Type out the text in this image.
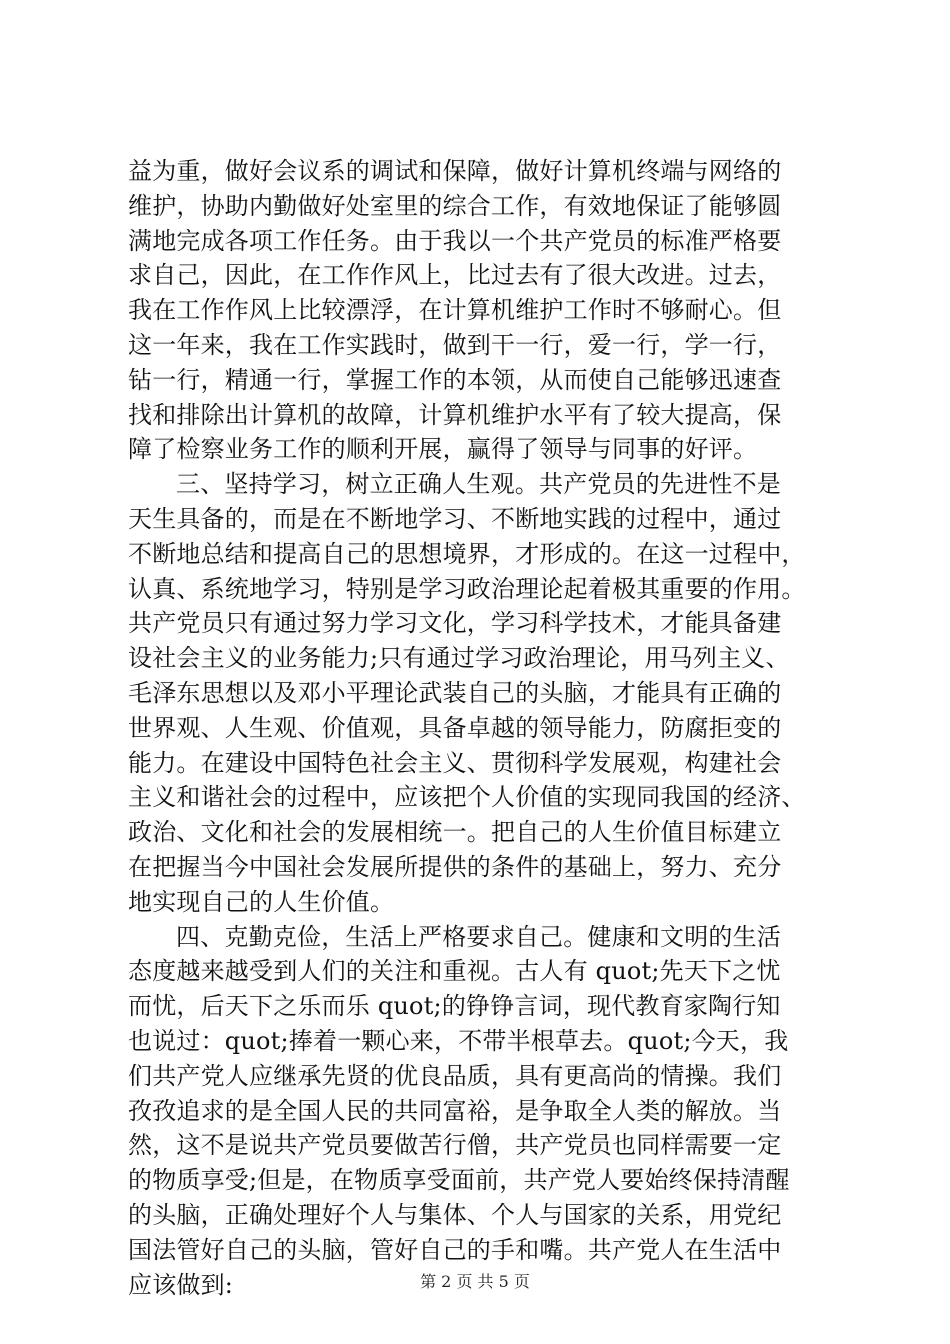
益为重，做好会议系的调试和保障，做好计算机终端与网络的
维护，协助内勤做好处室里的综合工作，有效地保证了能够圆
满地完成各项工作任务。由于我以一个共产党员的标准严格要
求自己，因此，在工作作风上，比过去有了很大改进。过去，
我在工作作风上比较漂浮，在计算机维护工作时不够耐心。但
这一年来，我在工作实践时，做到干一行，爱一行，学一行，
钻一行，精通一行，掌握工作的本领，从而使自己能够迅速查
找和排除出计算机的故障，计算机维护水平有了较大提高，保
障了检察业务工作的顺利开展，赢得了领导与同事的好评。
三、坚持学习，树立正确人生观。共产党员的先进性不是
天生具备的，而是在不断地学习、不断地实践的过程中，通过
不断地总结和提高自己的思想境界，才形成的。在这一过程中，
认真、系统地学习，特别是学习政治理论起着极其重要的作用。
共产党员只有通过努力学习文化，学习科学技术，才能具备建
设社会主义的业务能力;只有通过学习政治理论，用马列主义、
毛泽东思想以及邓小平理论武装自己的头脑，才能具有正确的
世界观、人生观、价值观，具备卓越的领导能力，防腐拒变的
能力。在建设中国特色社会主义、贯彻科学发展观，构建社会
主义和谐社会的过程中，应该把个人价值的实现同我国的经济、
政治、文化和社会的发展相统一。把自己的人生价值目标建立
在把握当今中国社会发展所提供的条件的基础上，努力、充分
地实现自己的人生价值。
四、克勤克俭，生活上严格要求自己。健康和文明的生活
态度越来越受到人们的关注和重视。古人有 quot;先天下之忧
而忧，后天下之乐而乐 quot;的铮铮言词，现代教育家陶行知
也说过：quot;捧着一颗心来，不带半根草去。quot;今天，我
们共产党人应继承先贤的优良品质，具有更高尚的情操。我们
孜孜追求的是全国人民的共同富裕，是争取全人类的解放。当
然，这不是说共产党员要做苦行僧，共产党员也同样需要一定
的物质享受;但是，在物质享受面前，共产党人要始终保持清醒
的头脑，正确处理好个人与集体、个人与国家的关系，用党纪
国法管好自己的头脑，管好自己的手和嘴。共产党人在生活中
应该做到:	第 2 页 共 5 页
